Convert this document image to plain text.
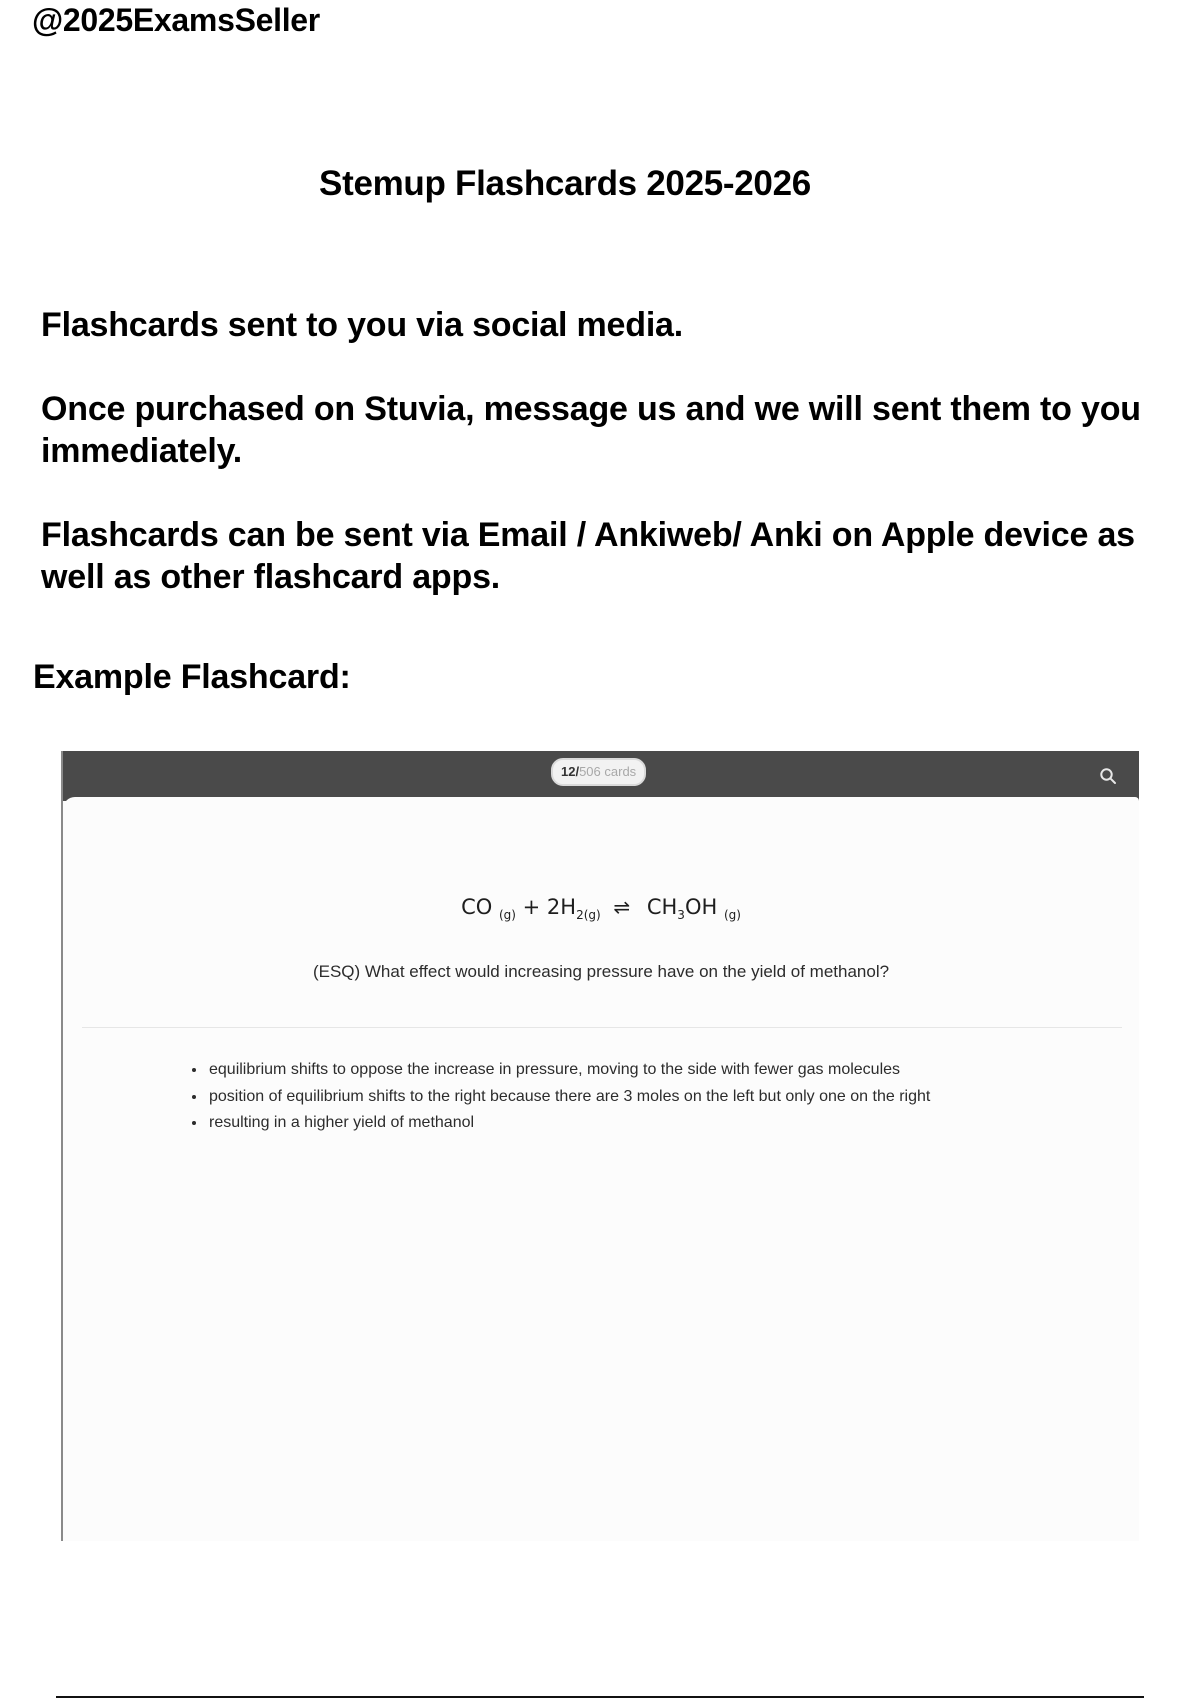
@2025ExamsSeller
Stemup Flashcards 2025-2026
Flashcards sent to you via social media.
Once purchased on Stuvia, message us and we will sent them to you immediately.
Flashcards can be sent via Email / Ankiweb/ Anki on Apple device as well as other flashcard apps.
Example Flashcard:
12/506 cards
CO $_{(g)} + 2H_{2(g)}$ ⇌ $CH_3OH$ $_{(g)}$
(ESQ) What effect would increasing pressure have on the yield of methanol?
• equilibrium shifts to oppose the increase in pressure, moving to the side with fewer gas molecules
• position of equilibrium shifts to the right because there are 3 moles on the left but only one on the right
• resulting in a higher yield of methanol
